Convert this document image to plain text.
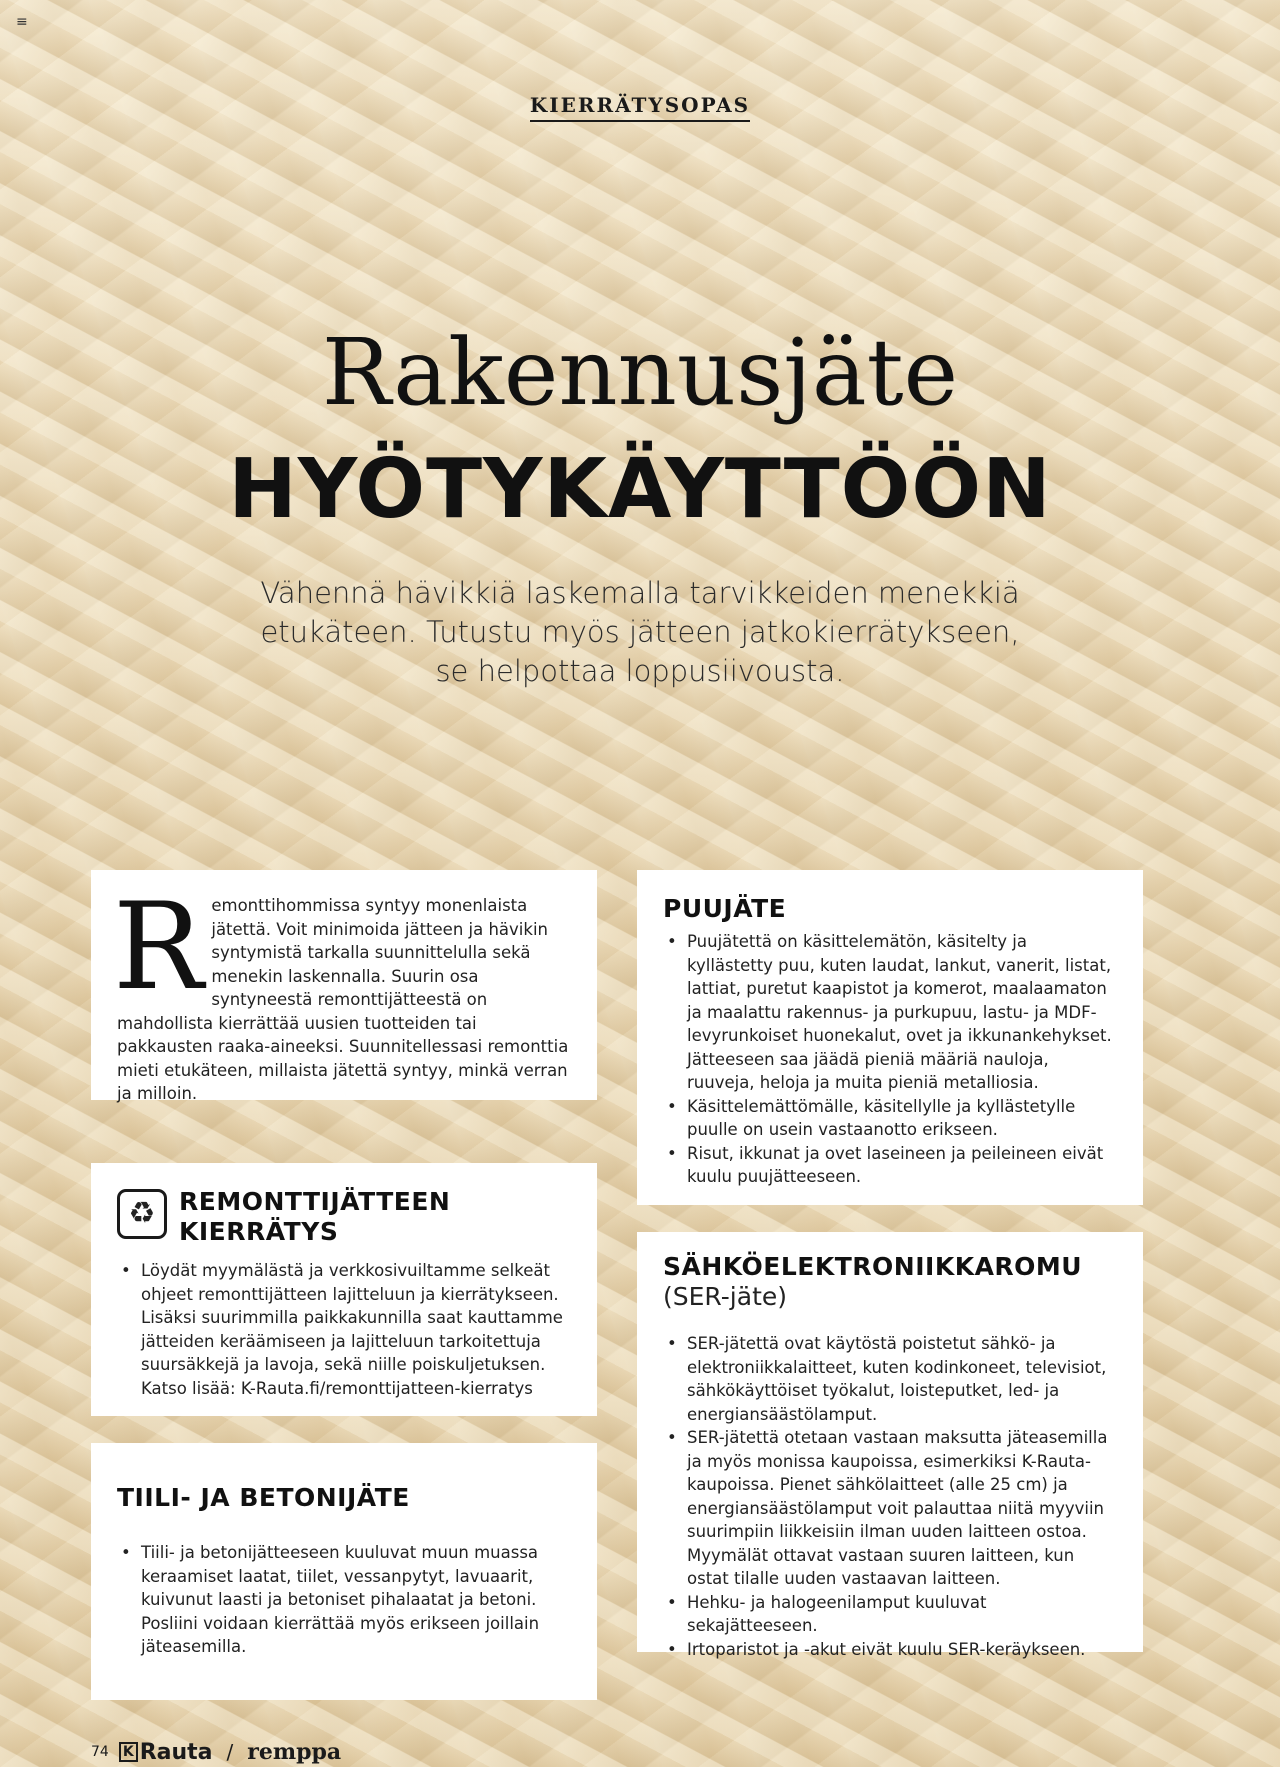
≡
KIERRÄTYSOPAS
Rakennusjäte
HYÖTYKÄYTTÖÖN
Vähennä hävikkiä laskemalla tarvikkeiden menekkiä etukäteen. Tutustu myös jätteen jatkokierrätykseen, se helpottaa loppusiivousta.
R emonttihommissa syntyy monenlaista jätettä. Voit minimoida jätteen ja hävikin syntymistä tarkalla suunnittelulla sekä menekin laskennalla. Suurin osa syntyneestä remonttijätteestä on mahdollista kierrättää uusien tuotteiden tai pakkausten raaka-aineeksi. Suunnitellessasi remonttia mieti etukäteen, millaista jätettä syntyy, minkä verran ja milloin.
♻ REMONTTIJÄTTEEN
KIERRÄTYS
• Löydät myymälästä ja verkkosivuiltamme selkeät ohjeet remonttijätteen lajitteluun ja kierrätykseen. Lisäksi suurimmilla paikkakunnilla saat kauttamme jätteiden keräämiseen ja lajitteluun tarkoitettuja suursäkkejä ja lavoja, sekä niille poiskuljetuksen. Katso lisää: K-Rauta.fi/remonttijatteen-kierratys
TIILI- JA BETONIJÄTE
• Tiili- ja betonijätteeseen kuuluvat muun muassa keraamiset laatat, tiilet, vessanpytyt, lavuaarit, kuivunut laasti ja betoniset pihalaatat ja betoni. Posliini voidaan kierrättää myös erikseen joillain jäteasemilla.
PUUJÄTE
• Puujätettä on käsittelemätön, käsitelty ja kyllästetty puu, kuten laudat, lankut, vanerit, listat, lattiat, puretut kaapistot ja komerot, maalaamaton ja maalattu rakennus- ja purkupuu, lastu- ja MDF-levyrunkoiset huonekalut, ovet ja ikkunankehykset. Jätteeseen saa jäädä pieniä määriä nauloja, ruuveja, heloja ja muita pieniä metalliosia.
• Käsittelemättömälle, käsitellylle ja kyllästetylle puulle on usein vastaanotto erikseen.
• Risut, ikkunat ja ovet laseineen ja peileineen eivät kuulu puujätteeseen.
SÄHKÖELEKTRONIIKKAROMU
(SER-jäte)
• SER-jätettä ovat käytöstä poistetut sähkö- ja elektroniikkalaitteet, kuten kodinkoneet, televisiot, sähkökäyttöiset työkalut, loisteputket, led- ja energiansäästölamput.
• SER-jätettä otetaan vastaan maksutta jäteasemilla ja myös monissa kaupoissa, esimerkiksi K-Rauta-kaupoissa. Pienet sähkölaitteet (alle 25 cm) ja energiansäästölamput voit palauttaa niitä myyviin suurimpiin liikkeisiin ilman uuden laitteen ostoa. Myymälät ottavat vastaan suuren laitteen, kun ostat tilalle uuden vastaavan laitteen.
• Hehku- ja halogeenilamput kuuluvat sekajätteeseen.
• Irtoparistot ja -akut eivät kuulu SER-keräykseen.
74 K Rauta / remppa
